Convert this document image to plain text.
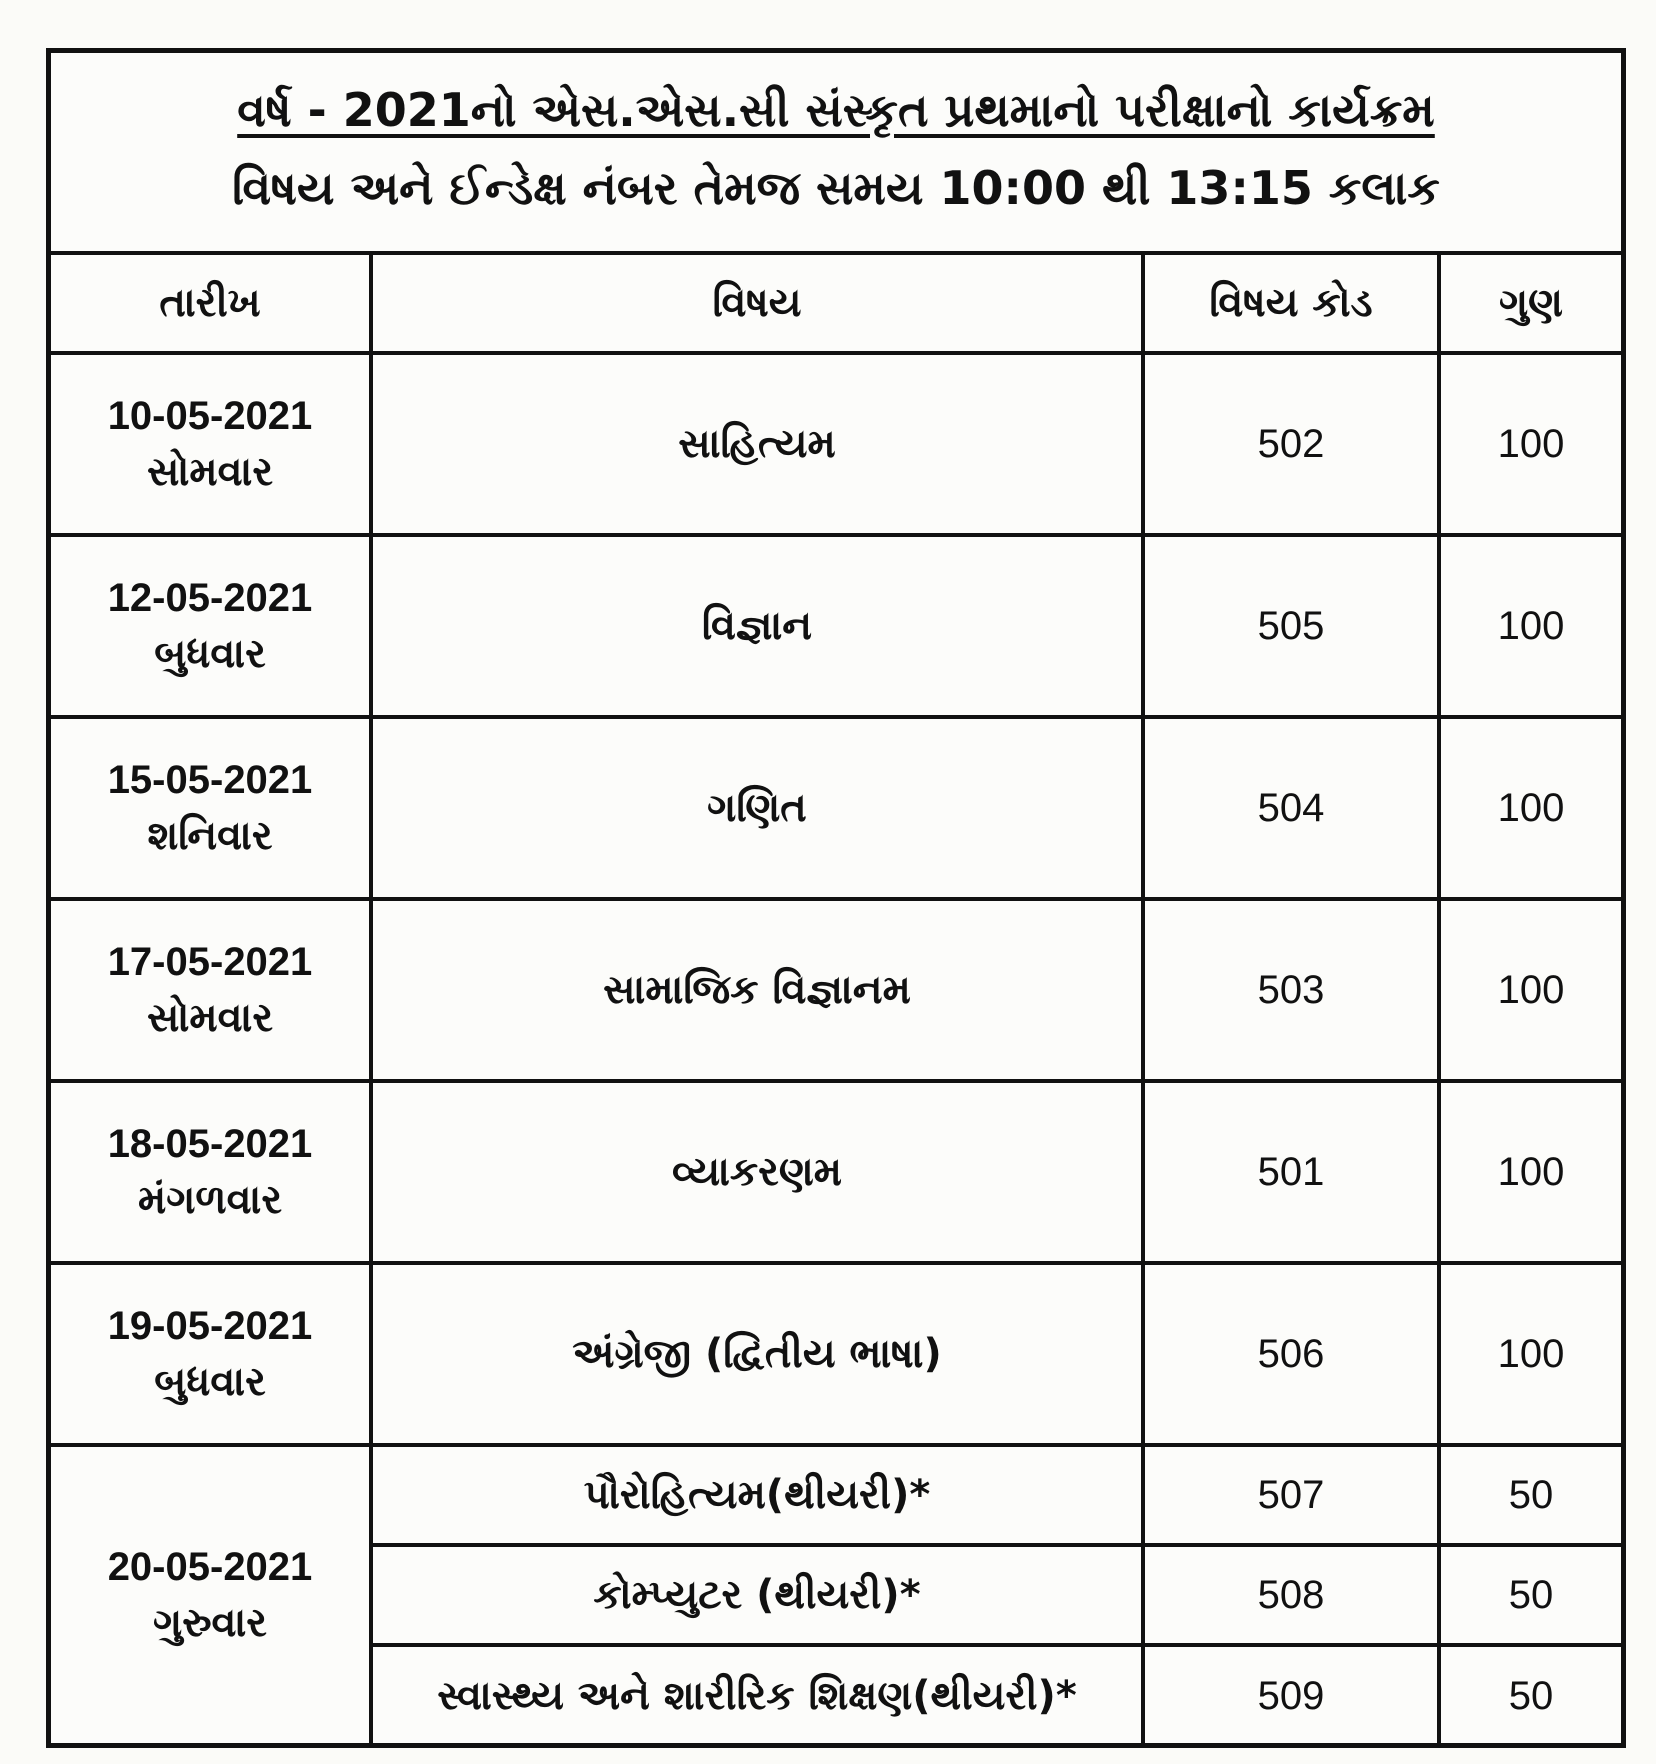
વર્ષ - 2021નો એસ.એસ.સી સંસ્કૃત પ્રથમાનો પરીક્ષાનો કાર્યક્રમ
વિષય અને ઈન્ડેક્ષ નંબર તેમજ સમય 10:00 થી 13:15 કલાક
તારીખ	વિષય	વિષય કોડ	ગુણ

10-05-2021
સોમવાર	સાહિત્યમ	502	100

12-05-2021
બુધવાર	વિજ્ઞાન	505	100

15-05-2021
શનિવાર	ગણિત	504	100

17-05-2021
સોમવાર	સામાજિક વિજ્ઞાનમ	503	100

18-05-2021
મંગળવાર	વ્યાકરણમ	501	100

19-05-2021
બુધવાર	અંગ્રેજી (દ્વિતીય ભાષા)	506	100

20-05-2021
ગુરુવાર	પૌરોહિત્યમ(થીયરી)*	507	50
	કોમ્પ્યુટર (થીયરી)*	508	50
	સ્વાસ્થ્ય અને શારીરિક શિક્ષણ(થીયરી)*	509	50
